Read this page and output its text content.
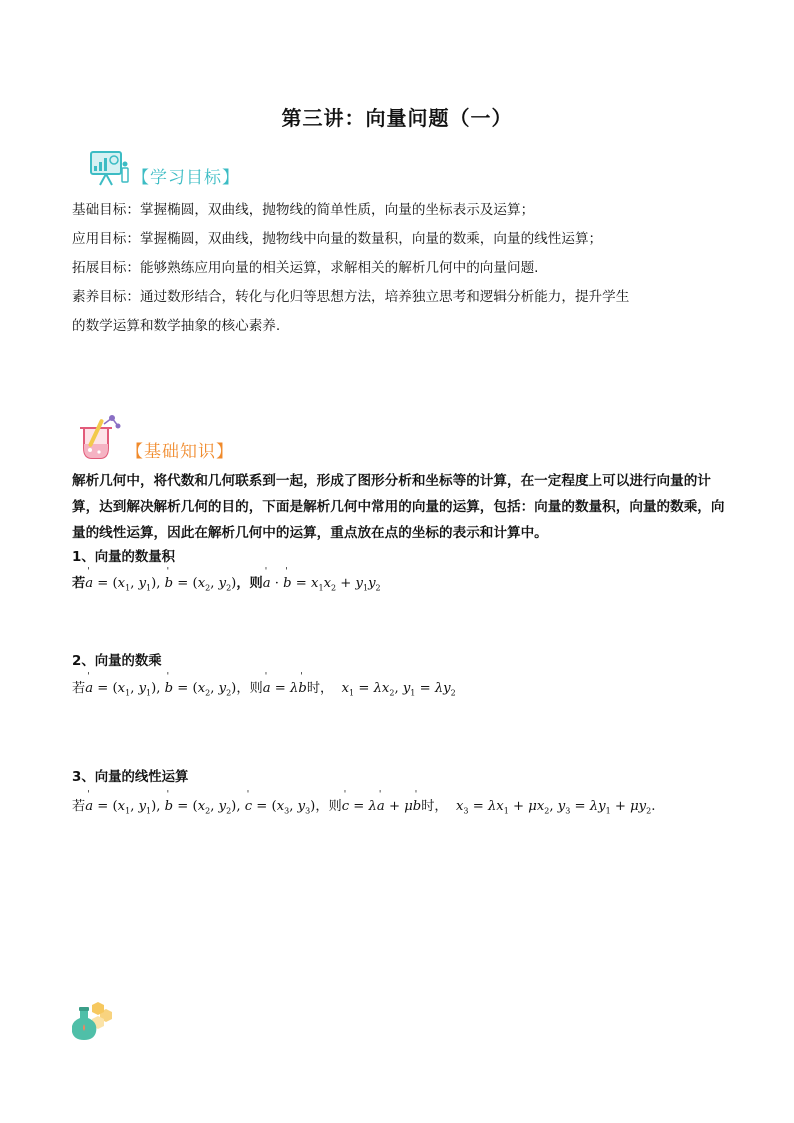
第三讲：向量问题（一）
【学习目标】

基础目标：掌握椭圆，双曲线，抛物线的简单性质，向量的坐标表示及运算；

应用目标：掌握椭圆，双曲线，抛物线中向量的数量积，向量的数乘，向量的线性运算；

拓展目标：能够熟练应用向量的相关运算，求解相关的解析几何中的向量问题.

素养目标：通过数形结合，转化与化归等思想方法，培养独立思考和逻辑分析能力，提升学生

的数学运算和数学抽象的核心素养.

【基础知识】
解析几何中，将代数和几何联系到一起，形成了图形分析和坐标等的计算，在一定程度上可以进行向量的计算，达到解决解析几何的目的，下面是解析几何中常用的向量的运算，包括：向量的数量积，向量的数乘，向量的线性运算，因此在解析几何中的运算，重点放在点的坐标的表示和计算中。
1、向量的数量积
若' $a = (x_1$, $y_1$), ' $b = (x_2$, $y_2$)，则' a · ' $b = x_1x_2 + y_1y_2$
2、向量的数乘
若' $a = (x_1$, $y_1$), ' $b = (x_2$, $y_2$)，则' a = λ' b时， $x_1 = \lambda x_2$, $y_1 = \lambda y_2$
3、向量的线性运算
若' $a = (x_1$, $y_1$), ' $b = (x_2$, $y_2$), ' $c = (x_3$, $y_3$)，则' c = λ' a + μ' b时， $x_3 = \lambda x_1 + \mu x_2$, $y_3 = \lambda y_1 + \mu y_2$.
